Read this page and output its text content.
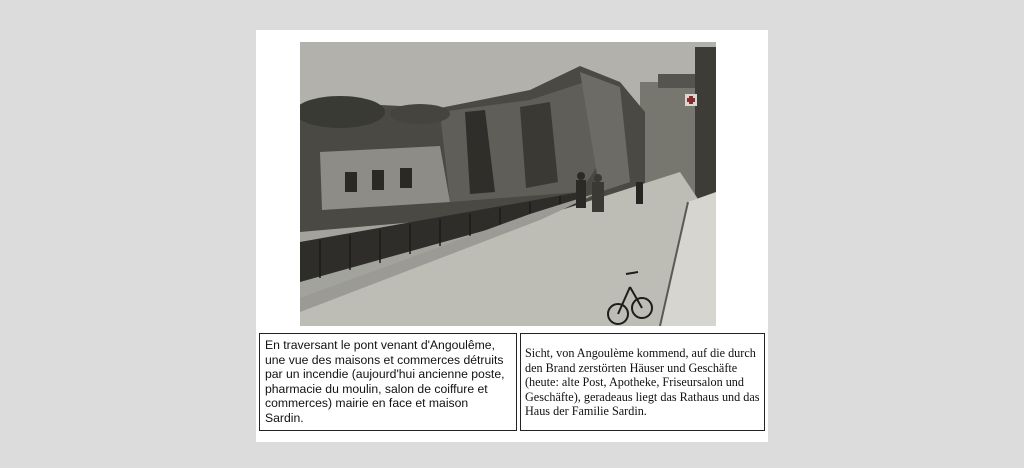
En traversant le pont venant d'Angoulême,
une vue des maisons et commerces détruits
par un incendie (aujourd'hui ancienne poste,
pharmacie du moulin, salon de coiffure et
commerces) mairie en face et maison
Sardin.
Sicht, von Angoulème kommend, auf die durch
den Brand zerstörten Häuser und Geschäfte
(heute: alte Post, Apotheke, Friseursalon und
Geschäfte), geradeaus liegt das Rathaus und das
Haus der Familie Sardin.
